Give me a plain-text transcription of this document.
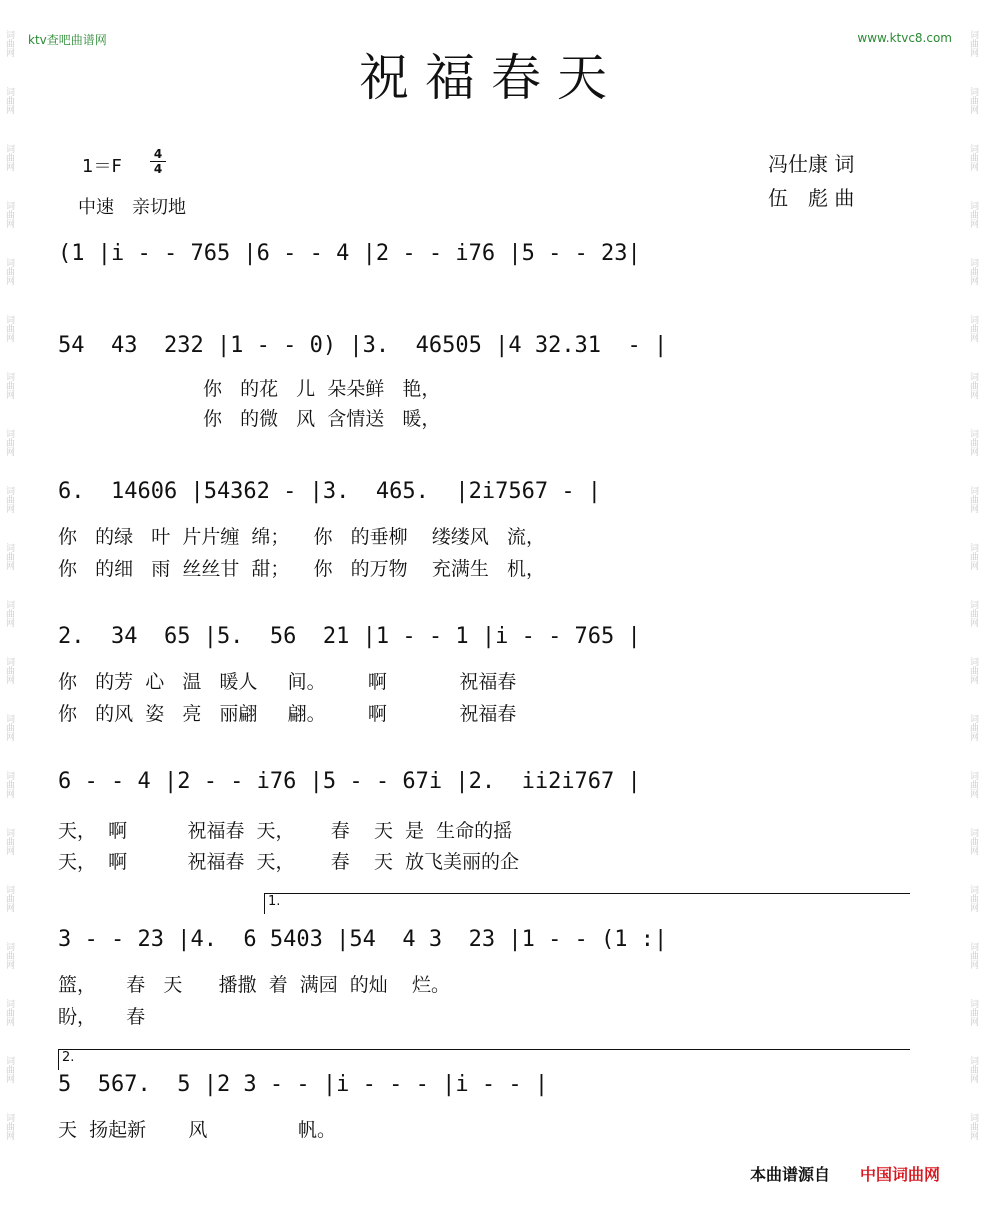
词曲网
词曲网
词曲网
词曲网
词曲网
词曲网
词曲网
词曲网
词曲网
词曲网
词曲网
词曲网
词曲网
词曲网
词曲网
词曲网
词曲网
词曲网
词曲网
词曲网
词曲网
词曲网
词曲网
词曲网
词曲网
词曲网
词曲网
词曲网
词曲网
词曲网
词曲网
词曲网
词曲网
词曲网
词曲网
词曲网
词曲网
词曲网
词曲网
词曲网
ktv查吧曲谱网	www.ktvc8.com
祝福春天
1＝F
4
4
中速　亲切地
冯仕康 词
伍　彪 曲
(1 |i - - 765 |6 - - 4 |2 - - i76 |5 - - 23|
54  43  232 |1 - - 0) |3.  46505 |4 32.31  - |
你   的花   儿  朵朵鲜   艳，
你   的微   风  含情送   暖，
6.  14606 |54362 - |3.  465.  |2i7567 - |
你   的绿   叶  片片缠  绵；    你   的垂柳    缕缕风   流，
你   的细   雨  丝丝甘  甜；    你   的万物    充满生   机，
2.  34  65 |5.  56  21 |1 - - 1 |i - - 765 |
你   的芳  心   温   暖人     间。       啊            祝福春
你   的风  姿   亮   丽翩     翩。       啊            祝福春
6 - - 4 |2 - - i76 |5 - - 67i |2.  ii2i767 |
天，  啊          祝福春  天，      春    天  是  生命的摇
天，  啊          祝福春  天，      春    天  放飞美丽的企
1.
3 - - 23 |4.  6 5403 |54  4 3  23 |1 - - (1 :|
篮，     春   天      播撒  着  满园  的灿    烂。
盼，     春
2.
5  567.  5 |2 3 - - |i - - - |i - - |
天  扬起新       风               帆。
本曲谱源自 中国词曲网
